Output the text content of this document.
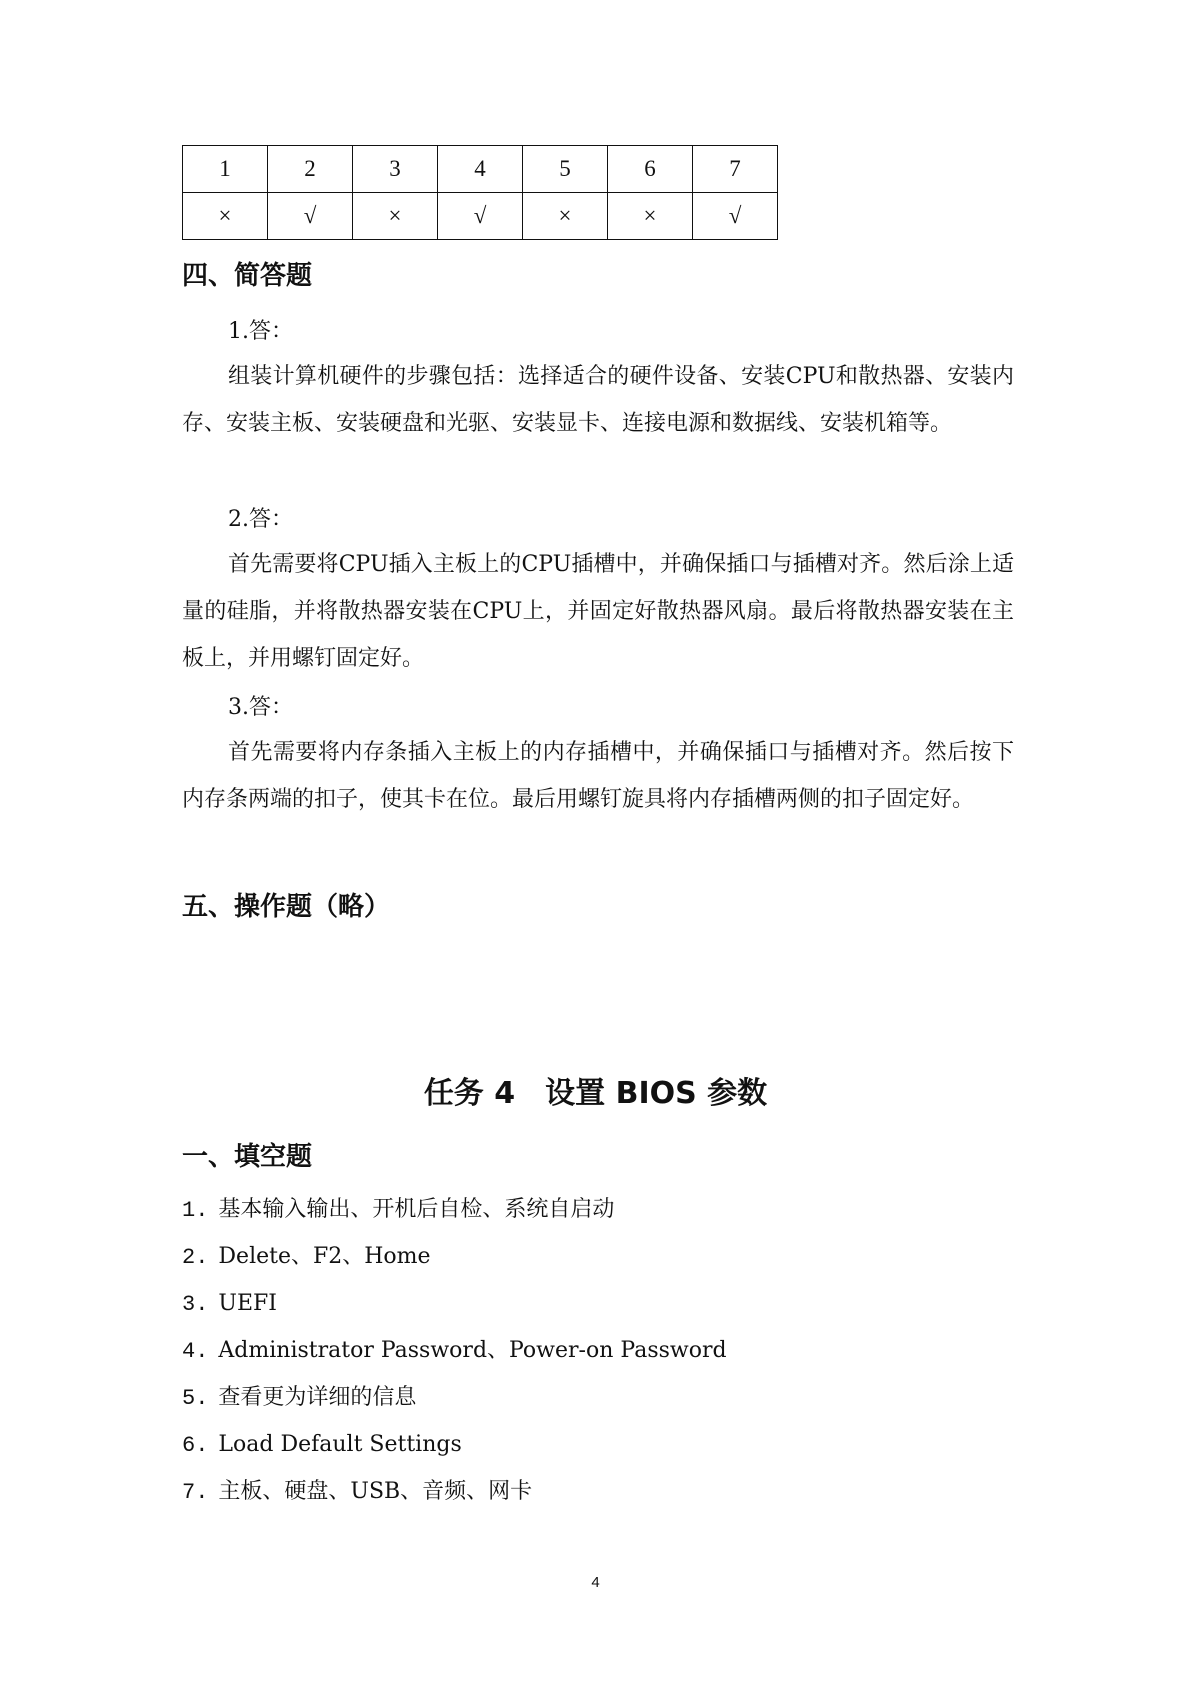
1	2	3	4	5	6	7
×	√	×	√	×	×	√
四、简答题
1.答：

组装计算机硬件的步骤包括：选择适合的硬件设备、安装CPU和散热器、安装内存、安装主板、安装硬盘和光驱、安装显卡、连接电源和数据线、安装机箱等。

2.答：

首先需要将CPU插入主板上的CPU插槽中，并确保插口与插槽对齐。然后涂上适量的硅脂，并将散热器安装在CPU上，并固定好散热器风扇。最后将散热器安装在主板上，并用螺钉固定好。

3.答：

首先需要将内存条插入主板上的内存插槽中，并确保插口与插槽对齐。然后按下内存条两端的扣子，使其卡在位。最后用螺钉旋具将内存插槽两侧的扣子固定好。

五、操作题（略）
任务 4　设置 BIOS 参数
一、填空题
1. 基本输入输出、开机后自检、系统自启动
2. Delete、F2、Home
3. UEFI
4. Administrator Password、Power-on Password
5. 查看更为详细的信息
6. Load Default Settings
7. 主板、硬盘、USB、音频、网卡
4
